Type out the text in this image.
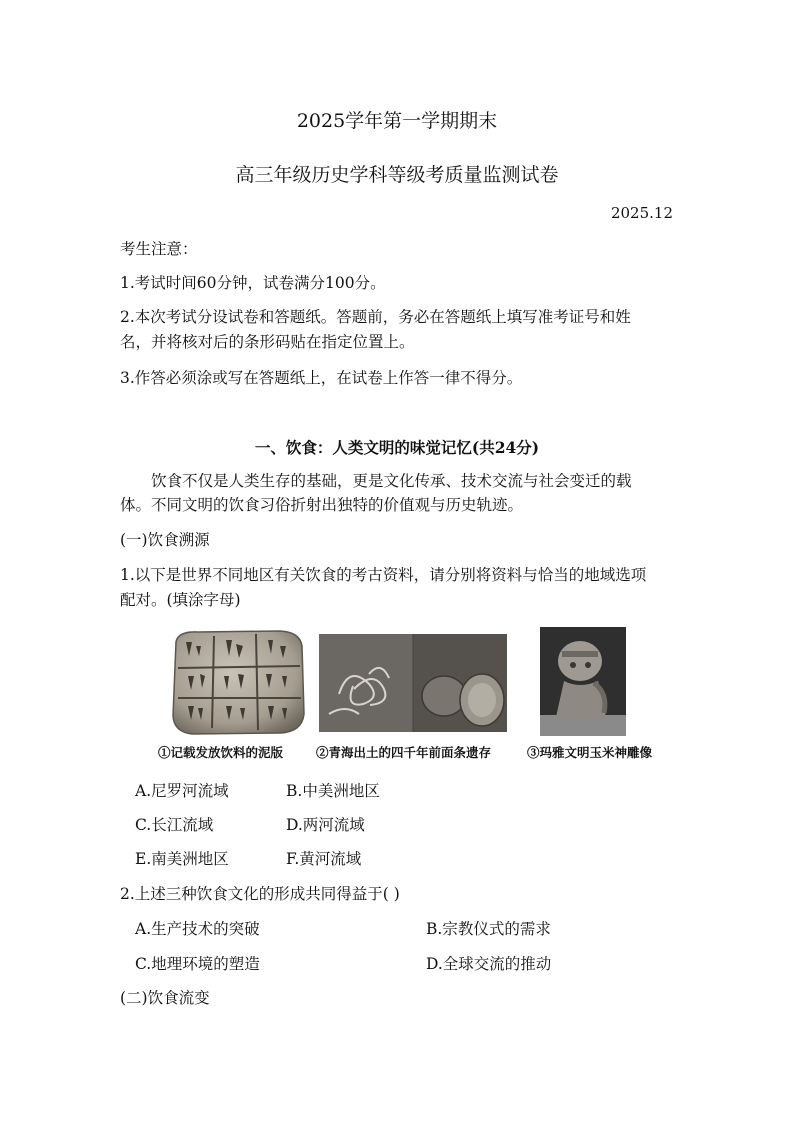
2025学年第一学期期末
高三年级历史学科等级考质量监测试卷
2025.12
考生注意：
1.考试时间60分钟，试卷满分100分。
2.本次考试分设试卷和答题纸。答题前，务必在答题纸上填写准考证号和姓
名，并将核对后的条形码贴在指定位置上。
3.作答必须涂或写在答题纸上，在试卷上作答一律不得分。
一、饮食：人类文明的味觉记忆(共24分)
饮食不仅是人类生存的基础，更是文化传承、技术交流与社会变迁的载
体。不同文明的饮食习俗折射出独特的价值观与历史轨迹。
(一)饮食溯源
1.以下是世界不同地区有关饮食的考古资料，请分别将资料与恰当的地域选项
配对。(填涂字母)
①记载发放饮料的泥版	②青海出土的四千年前面条遗存	③玛雅文明玉米神雕像
A.尼罗河流域	B.中美洲地区
C.长江流域	D.两河流域
E.南美洲地区	F.黄河流域
2.上述三种饮食文化的形成共同得益于( )
A.生产技术的突破	B.宗教仪式的需求
C.地理环境的塑造	D.全球交流的推动
(二)饮食流变
